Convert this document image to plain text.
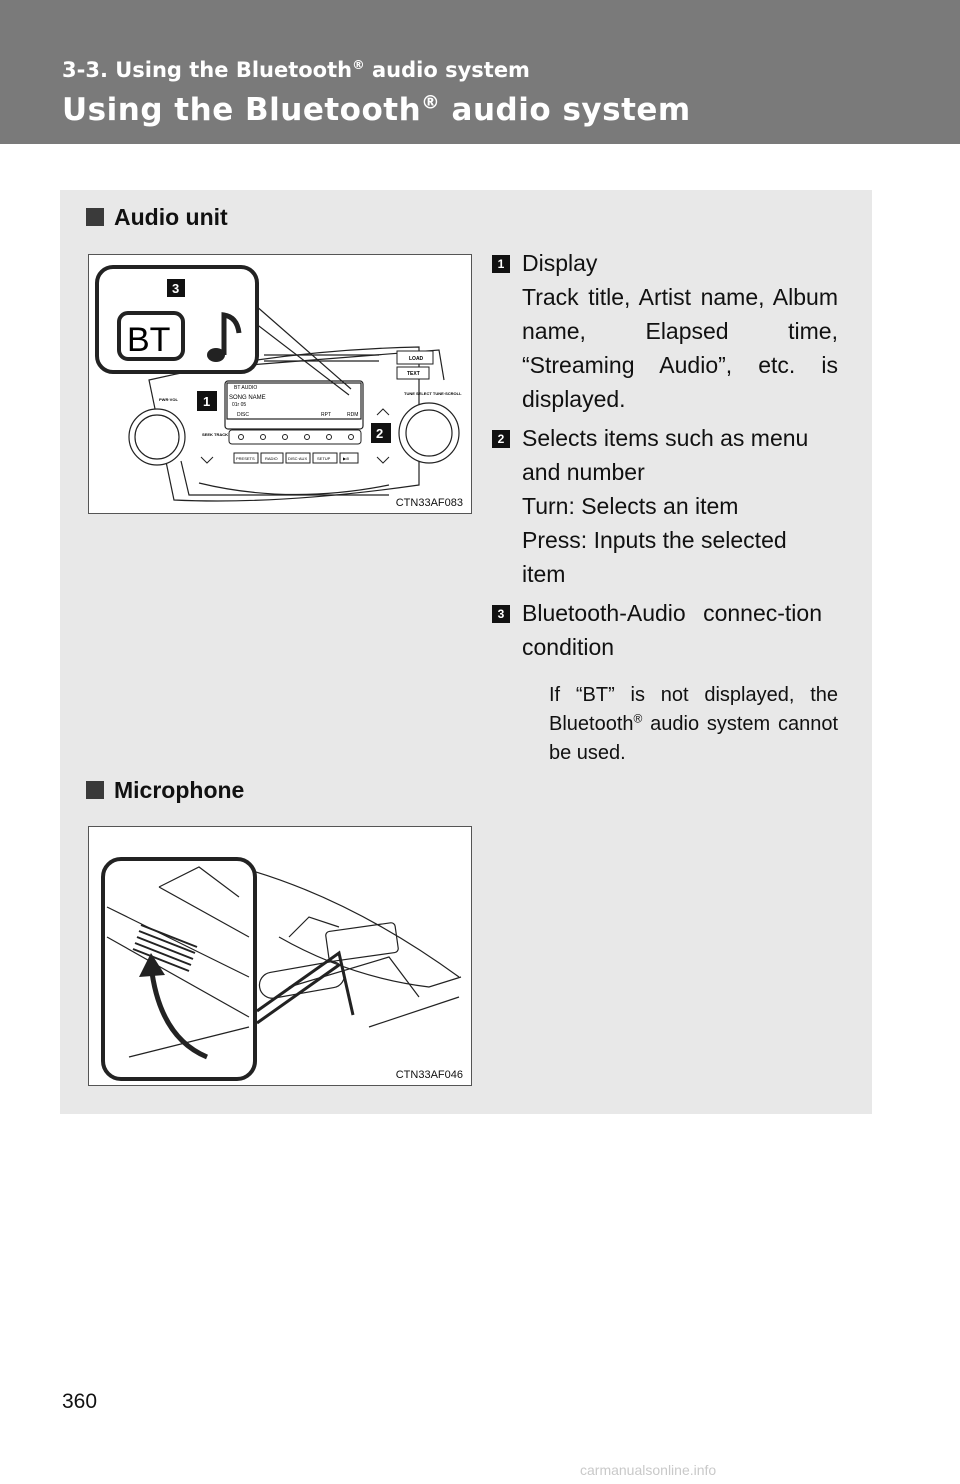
3-3. Using the Bluetooth® audio system
Using the Bluetooth® audio system
Audio unit
LOAD
TEXT
BT AUDIO
SONG NAME
01r 05
DISC	RPT	RDM
PRESETS	RADIO	DISC·AUX SETUP	▶/II
PWR·VOL
SEEK TRACK
TUNE SELECT TUNE·SCROLL
BT
3
1
2
CTN33AF083
1 Display
Track title, Artist name, Album name, Elapsed time, “Streaming Audio”, etc. is displayed.
2 Selects items such as menu and number
Turn: Selects an item
Press: Inputs the selected item
3 Bluetooth-Audio connec-tion condition
If “BT” is not displayed, the Bluetooth® audio system cannot be used.
Microphone
CTN33AF046
360
carmanualsonline.info
